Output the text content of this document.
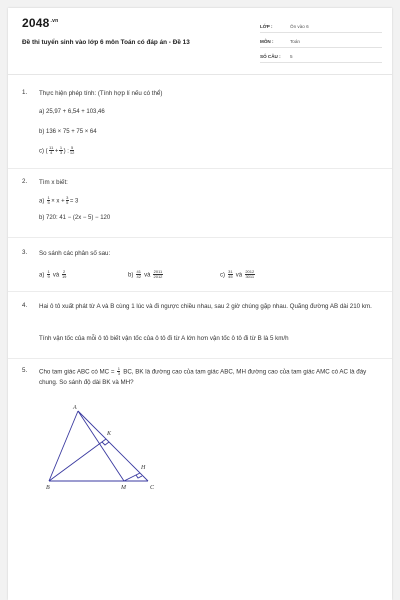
$2048^{.vn}$
Đề thi tuyển sinh vào lớp 6 môn Toán có đáp án - Đề 13
LỚP :	Ôn vào 6
MÔN :	Toán
SỐ CÂU :	5
1. Thực hiện phép tính: (Tính hợp lí nếu có thể)
a) 25,97 + 6,54 + 103,46
b) 136 × 75 + 75 × 64
c) ( $\frac{11}{4} + \frac{1}{3}$ ) : $\frac{5}{12}$
2. Tìm x biết:
$a) \frac{1}{5} \times x + \frac{3}{5} = 3$
b) 720: 41 − (2x − 5) − 120
3. So sánh các phân số sau:
$a) \frac{1}{9}$ và $\frac{2}{19}$	$b) \frac{41}{42}$ và $\frac{2011}{2012}$	$c) \frac{31}{45}$ và $\frac{2012}{3011}$
4. Hai ô tô xuất phát từ A và B cùng 1 lúc và đi ngược chiều nhau, sau 2 giờ chúng gặp nhau. Quãng đường AB dài 210 km.
Tính vận tốc của mỗi ô tô biết vận tốc của ô tô đi từ A lớn hơn vận tốc ô tô đi từ B là 5 km/h
5. Cho tam giác ABC có MC = $\frac{1}{3}$ BC, BK là đường cao của tam giác ABC, MH đường cao của tam giác AMC có AC là đáy chung. So sánh độ dài BK và MH?
A
B	C
M
K
H
